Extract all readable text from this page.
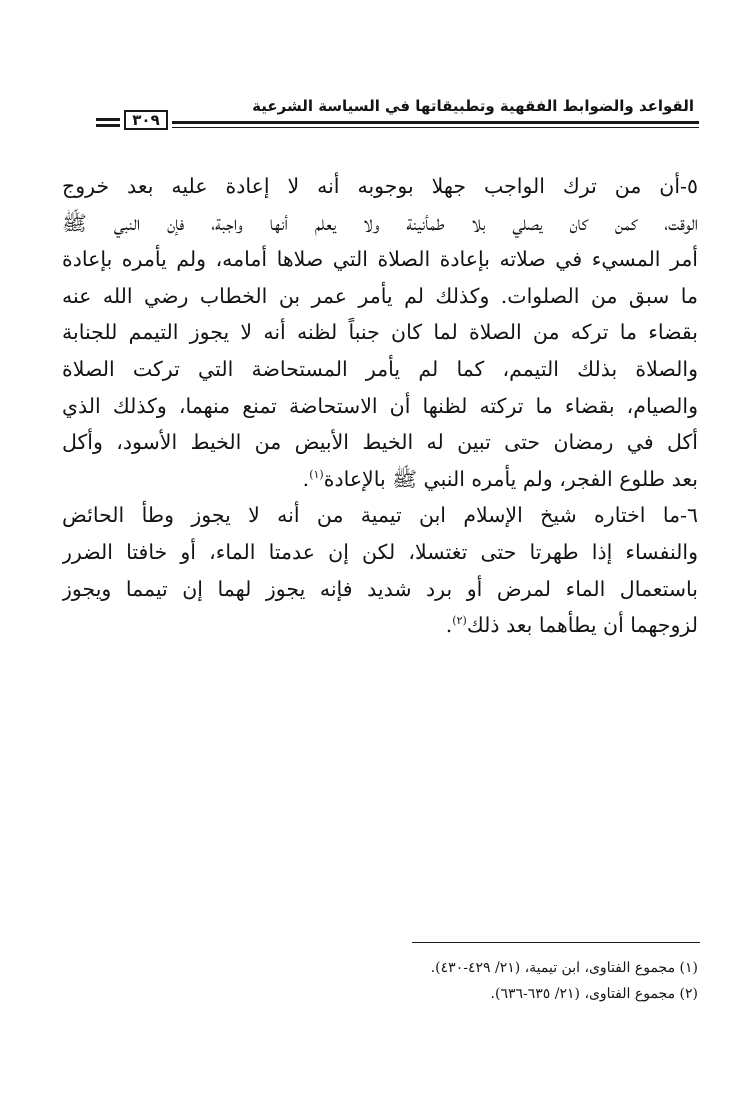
القواعد والضوابط الفقهية وتطبيقاتها في السياسة الشرعية
٣٠٩
٥-أن من ترك الواجب جهلا بوجوبه أنه لا إعادة عليه بعد خروج
الوقت، كمن كان يصلي بلا طمأنينة ولا يعلم أنها واجبة، فإن النبي ﷺ
أمر المسيء في صلاته بإعادة الصلاة التي صلاها أمامه، ولم يأمره بإعادة
ما سبق من الصلوات. وكذلك لم يأمر عمر بن الخطاب رضي الله عنه
بقضاء ما تركه من الصلاة لما كان جنباً لظنه أنه لا يجوز التيمم للجنابة
والصلاة بذلك التيمم، كما لم يأمر المستحاضة التي تركت الصلاة
والصيام، بقضاء ما تركته لظنها أن الاستحاضة تمنع منهما، وكذلك الذي
أكل في رمضان حتى تبين له الخيط الأبيض من الخيط الأسود، وأكل
بعد طلوع الفجر، ولم يأمره النبي ﷺ بالإعادة$^{(١)}$.
٦-ما اختاره شيخ الإسلام ابن تيمية من أنه لا يجوز وطأ الحائض
والنفساء إذا طهرتا حتى تغتسلا، لكن إن عدمتا الماء، أو خافتا الضرر
باستعمال الماء لمرض أو برد شديد فإنه يجوز لهما إن تيمما ويجوز
لزوجهما أن يطأهما بعد ذلك$^{(٢)}$.
(١) مجموع الفتاوى، ابن تيمية، (٢١/ ٤٢٩-٤٣٠).
(٢) مجموع الفتاوى، (٢١/ ٦٣٥-٦٣٦).
